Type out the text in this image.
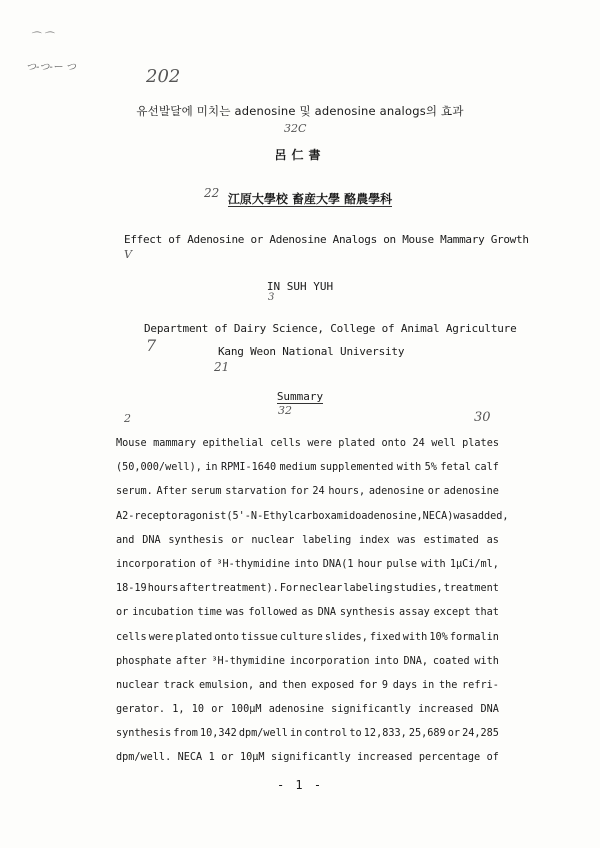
⌒ ⌒
つ-つ-ー つ	202
32C
22
V
3
7
21
32
2	30
유선발달에 미치는 adenosine 및 adenosine analogs의 효과
呂仁書
江原大學校 畜産大學 酪農學科
Effect of Adenosine or Adenosine Analogs on Mouse Mammary Growth
IN SUH YUH
Department of Dairy Science, College of Animal Agriculture
Kang Weon National University
Summary
Mouse mammary epithelial cells were plated onto 24 well plates
(50,000/well), in RPMI-1640 medium supplemented with 5% fetal calf
serum. After serum starvation for 24 hours, adenosine or adenosine
A2-receptor agonist(5'-N-Ethylcarboxamidoadenosine, NECA) was added,
and DNA synthesis or nuclear labeling index was estimated as
incorporation of ³H-thymidine into DNA(1 hour pulse with 1µCi/ml,
18-19 hours after treatment). For neclear labeling studies, treatment
or incubation time was followed as DNA synthesis assay except that
cells were plated onto tissue culture slides, fixed with 10% formalin
phosphate after ³H-thymidine incorporation into DNA, coated with
nuclear track emulsion, and then exposed for 9 days in the refri-
gerator. 1, 10 or 100µM adenosine significantly increased DNA
synthesis from 10,342 dpm/well in control to 12,833, 25,689 or 24,285
dpm/well. NECA 1 or 10µM significantly increased percentage of
- 1 -
